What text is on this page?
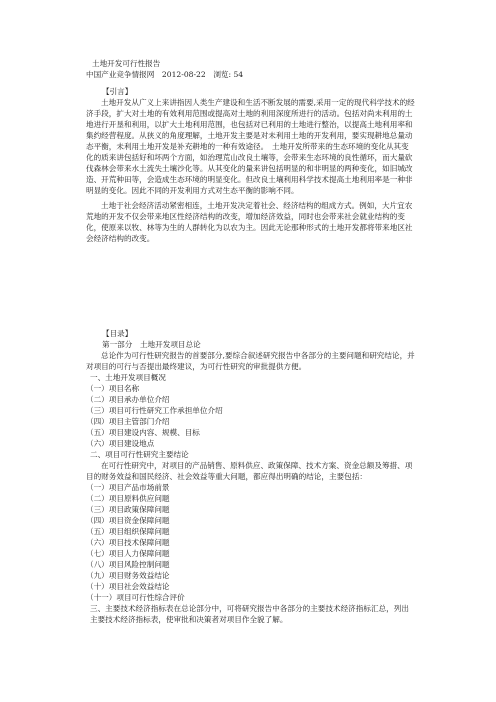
土地开发可行性报告

中国产业竞争情报网　2012-08-22　浏览: 54

【引言】

土地开发从广义上来讲指因人类生产建设和生活不断发展的需要,采用一定的现代科学技术的经济手段，扩大对土地的有效利用范围或提高对土地的利用深度所进行的活动。包括对尚未利用的土地进行开垦和利用，以扩大土地利用范围，也包括对已利用的土地进行整治，以提高土地利用率和集约经营程度。从狭义的角度理解，土地开发主要是对未利用土地的开发利用，要实现耕地总量动态平衡，未利用土地开发是补充耕地的一种有效途径。　土地开发所带来的生态环境的变化从其变化的质来讲包括好和坏两个方面，如治理荒山改良土壤等，会带来生态环境的良性循环，而大量砍伐森林会带来水土流失土壤沙化等。从其变化的量来讲包括明显的和非明显的两种变化，如旧城改造、开荒种田等，会造成生态环境的明显变化。但改良土壤利用科学技术提高土地利用率是一种非明显的变化。因此不同的开发利用方式对生态平衡的影响不同。

土地于社会经济活动紧密相连，土地开发决定着社会、经济结构的组成方式。例如，大片宜农荒地的开发不仅会带来地区性经济结构的改变，增加经济效益，同时也会带来社会就业结构的变化，使原来以牧、林等为生的人群转化为以农为主。因此无论那种形式的土地开发都将带来地区社会经济结构的改变。

【目录】

第一部分　土地开发项目总论

总论作为可行性研究报告的首要部分,要综合叙述研究报告中各部分的主要问题和研究结论，并对项目的可行与否提出最终建议，为可行性研究的审批提供方便。

一、土地开发项目概况

（一）项目名称
（二）项目承办单位介绍
（三）项目可行性研究工作承担单位介绍
（四）项目主管部门介绍
（五）项目建设内容、规模、目标
（六）项目建设地点

二、项目可行性研究主要结论

在可行性研究中，对项目的产品销售、原料供应、政策保障、技术方案、资金总额及筹措、项目的财务效益和国民经济、社会效益等重大问题，都应得出明确的结论，主要包括：

（一）项目产品市场前景
（二）项目原料供应问题
（三）项目政策保障问题
（四）项目资金保障问题
（五）项目组织保障问题
（六）项目技术保障问题
（七）项目人力保障问题
（八）项目风险控制问题
（九）项目财务效益结论
（十）项目社会效益结论
（十一）项目可行性综合评价

三、主要技术经济指标表在总论部分中，可将研究报告中各部分的主要技术经济指标汇总，列出主要技术经济指标表，使审批和决策者对项目作全貌了解。
